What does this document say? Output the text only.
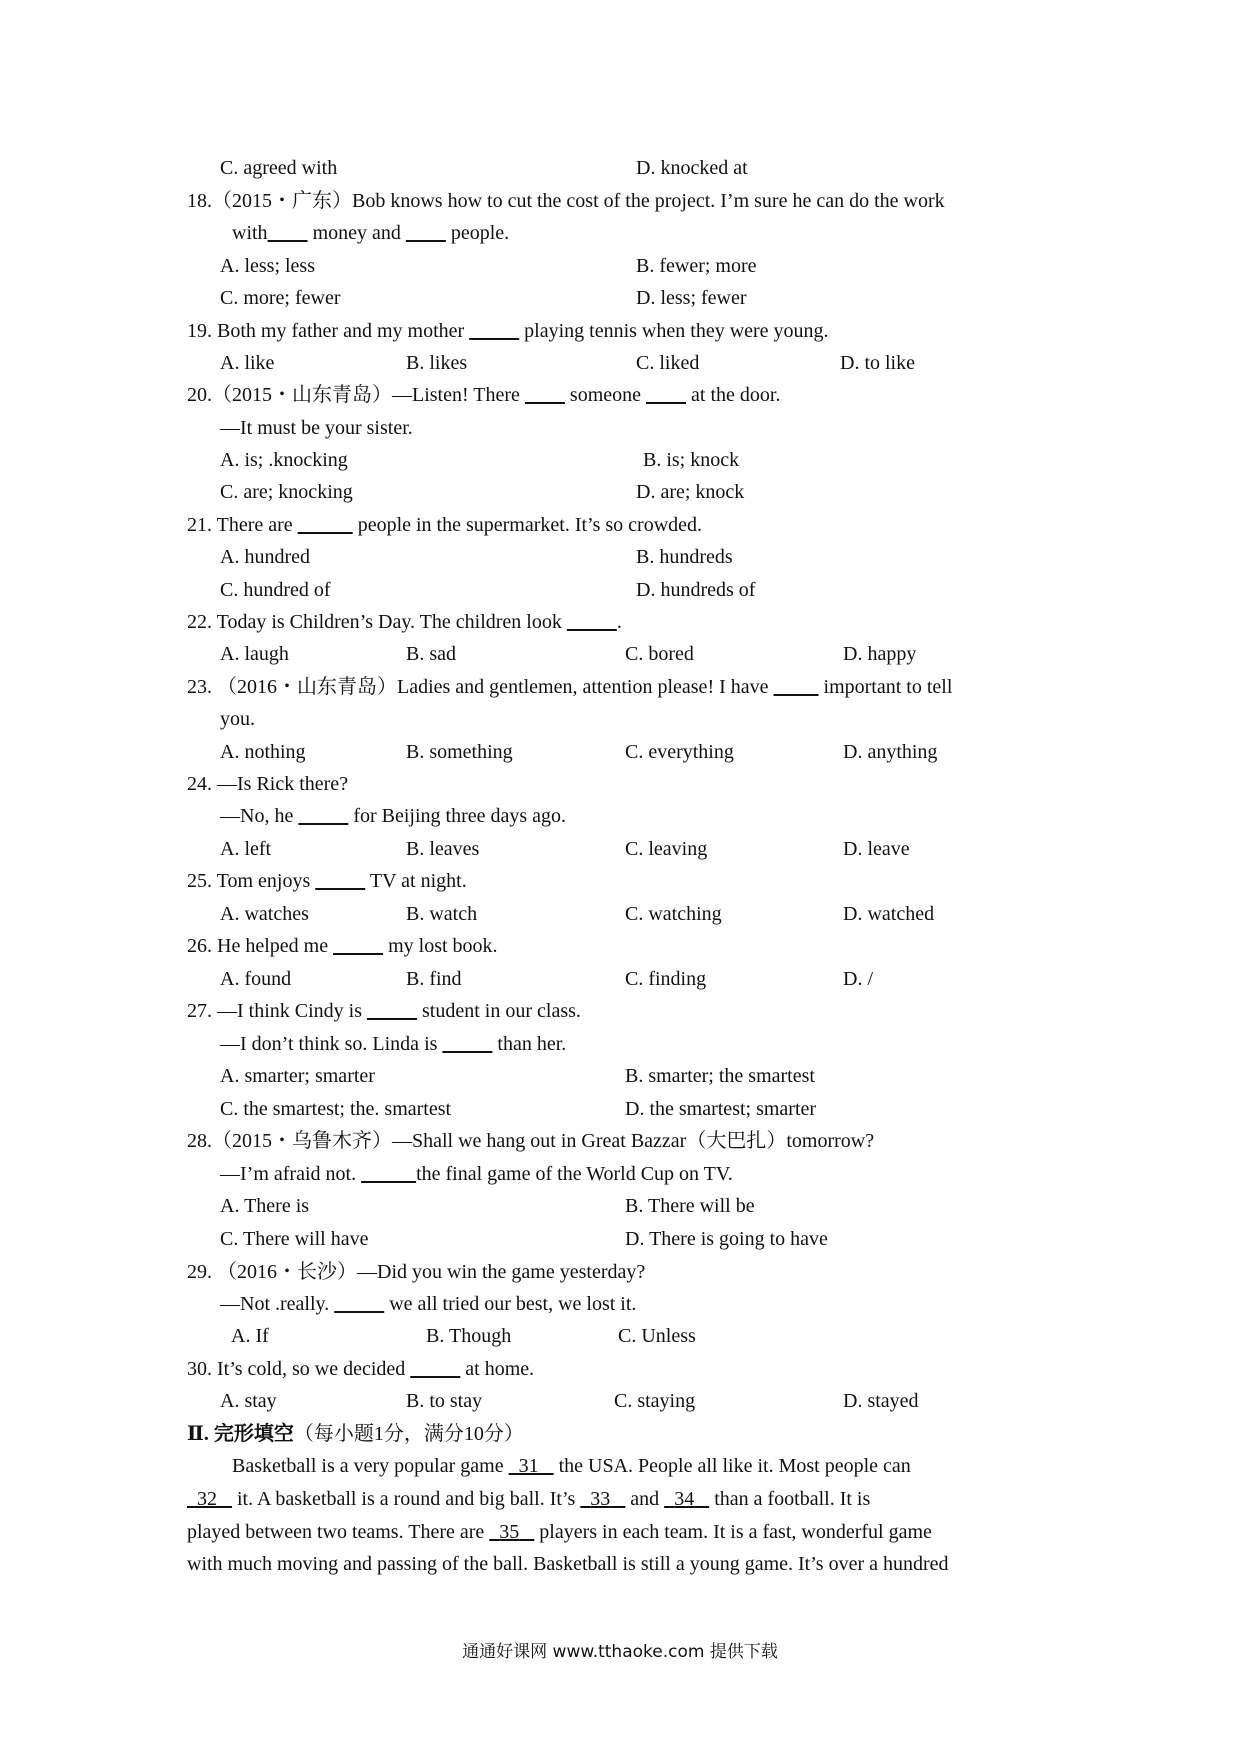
C. agreed with	D. knocked at
18.（2015・广东）Bob knows how to cut the cost of the project. I’m sure he can do the work
with         money and          people.
A. less; less	B. fewer; more
C. more; fewer	D. less; fewer
19. Both my father and my mother	playing tennis when they were young.
A. like	B. likes	C. liked	D. to like
20.（2015・山东青岛）—Listen! There          someone          at the door.
—It must be your sister.
A. is; .knocking	B. is; knock
C. are; knocking	D. are; knock
21. There are	people in the supermarket. It’s so crowded.
A. hundred	B. hundreds
C. hundred of	D. hundreds of
22. Today is Children’s Day. The children look	.
A. laugh	B. sad	C. bored	D. happy
23. （2016・山东青岛）Ladies and gentlemen, attention please! I have           important to tell
you.
A. nothing	B. something	C. everything	D. anything
24. —Is Rick there?
—No, he	for Beijing three days ago.
A. left	B. leaves	C. leaving	D. leave
25. Tom enjoys	TV at night.
A. watches	B. watch	C. watching	D. watched
26. He helped me	my lost book.
A. found	B. find	C. finding	D. /
27. —I think Cindy is	student in our class.
—I don’t think so. Linda is	than her.
A. smarter; smarter	B. smarter; the smartest
C. the smartest; the. smartest	D. the smartest; smarter
28.（2015・乌鲁木齐）—Shall we hang out in Great Bazzar（大巴扎）tomorrow?
—I’m afraid not.	the final game of the World Cup on TV.
A. There is	B. There will be
C. There will have	D. There is going to have
29. （2016・长沙）—Did you win the game yesterday?
—Not .really.	we all tried our best, we lost it.
A. If	B. Though	C. Unless
30. It’s cold, so we decided	at home.
A. stay	B. to stay	C. staying	D. stayed
Ⅱ. 完形填空（每小题1分，满分10分）
Basketball is a very popular game   31    the USA. People all like it. Most people can
32    it. A basketball is a round and big ball. It’s   33    and   34    than a football. It is
played between two teams. There are   35    players in each team. It is a fast, wonderful game
with much moving and passing of the ball. Basketball is still a young game. It’s over a hundred
通通好课网 www.tthaoke.com 提供下载
